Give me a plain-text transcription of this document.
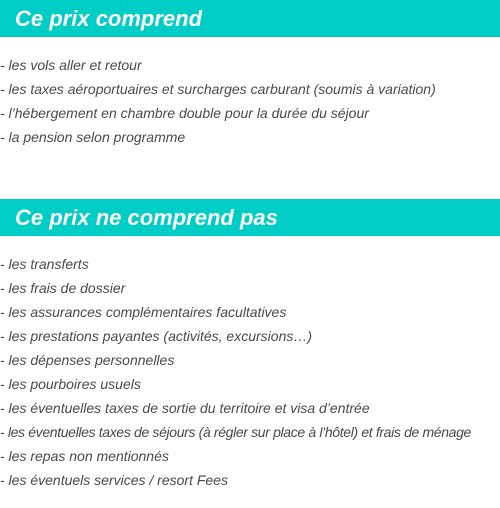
Ce prix comprend
- les vols aller et retour
- les taxes aéroportuaires et surcharges carburant (soumis à variation)
- l’hébergement en chambre double pour la durée du séjour
- la pension selon programme
Ce prix ne comprend pas
- les transferts
- les frais de dossier
- les assurances complémentaires facultatives
- les prestations payantes (activités, excursions…)
- les dépenses personnelles
- les pourboires usuels
- les éventuelles taxes de sortie du territoire et visa d’entrée
- les éventuelles taxes de séjours (à régler sur place à l’hôtel) et frais de ménage
- les repas non mentionnés
- les éventuels services / resort Fees
